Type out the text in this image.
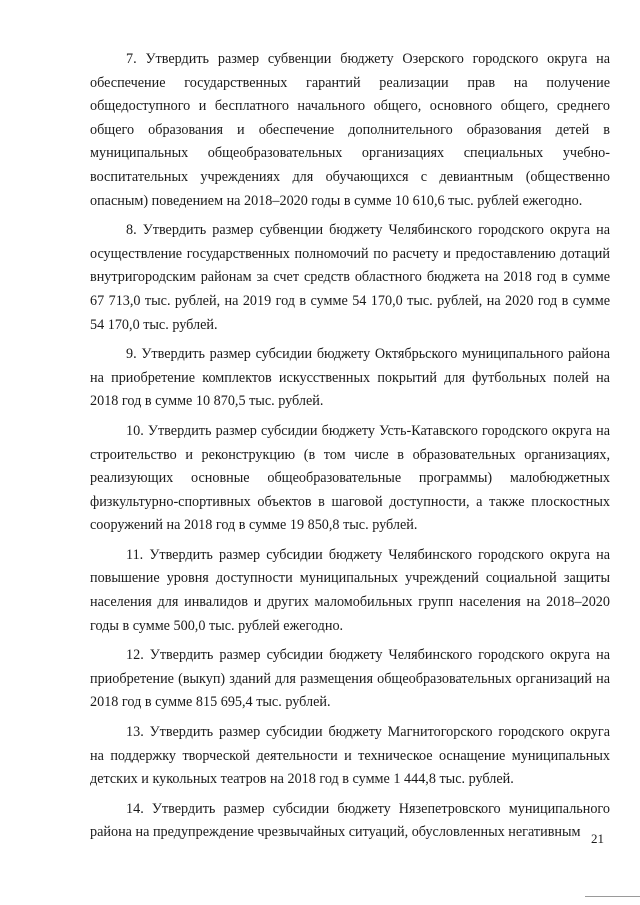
7. Утвердить размер субвенции бюджету Озерского городского округа на обеспечение государственных гарантий реализации прав на получение общедоступного и бесплатного начального общего, основного общего, среднего общего образования и обеспечение дополнительного образования детей в муниципальных общеобразовательных организациях специальных учебно-воспитательных учреждениях для обучающихся с девиантным (общественно опасным) поведением на 2018–2020 годы в сумме 10 610,6 тыс. рублей ежегодно.

8. Утвердить размер субвенции бюджету Челябинского городского округа на осуществление государственных полномочий по расчету и предоставлению дотаций внутригородским районам за счет средств областного бюджета на 2018 год в сумме 67 713,0 тыс. рублей, на 2019 год в сумме 54 170,0 тыс. рублей, на 2020 год в сумме 54 170,0 тыс. рублей.

9. Утвердить размер субсидии бюджету Октябрьского муниципального района на приобретение комплектов искусственных покрытий для футбольных полей на 2018 год в сумме 10 870,5 тыс. рублей.

10. Утвердить размер субсидии бюджету Усть-Катавского городского округа на строительство и реконструкцию (в том числе в образовательных организациях, реализующих основные общеобразовательные программы) малобюджетных физкультурно-спортивных объектов в шаговой доступности, а также плоскостных сооружений на 2018 год в сумме 19 850,8 тыс. рублей.

11. Утвердить размер субсидии бюджету Челябинского городского округа на повышение уровня доступности муниципальных учреждений социальной защиты населения для инвалидов и других маломобильных групп населения на 2018–2020 годы в сумме 500,0 тыс. рублей ежегодно.

12. Утвердить размер субсидии бюджету Челябинского городского округа на приобретение (выкуп) зданий для размещения общеобразовательных организаций на 2018 год в сумме 815 695,4 тыс. рублей.

13. Утвердить размер субсидии бюджету Магнитогорского городского округа на поддержку творческой деятельности и техническое оснащение муниципальных детских и кукольных театров на 2018 год в сумме 1 444,8 тыс. рублей.

14. Утвердить размер субсидии бюджету Нязепетровского муниципального района на предупреждение чрезвычайных ситуаций, обусловленных негативным 21
